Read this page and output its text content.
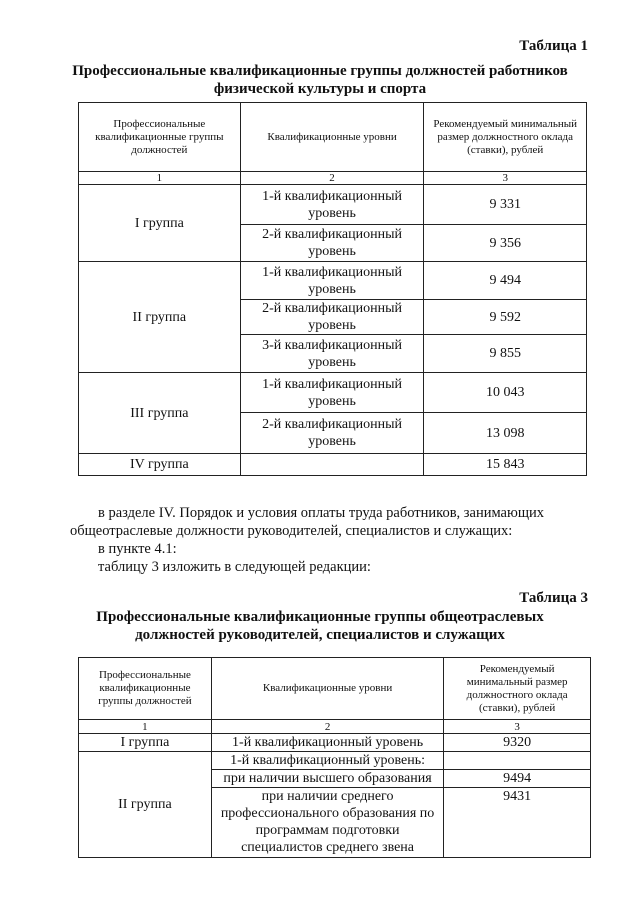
Таблица 1
Профессиональные квалификационные группы должностей работников
физической культуры и спорта
Профессиональные квалификационные группы должностей	Квалификационные уровни	Рекомендуемый минимальный размер должностного оклада (ставки), рублей
1	2	3
I группа	1-й квалификационный уровень	9 331
	2-й квалификационный уровень	9 356
II группа	1-й квалификационный уровень	9 494
	2-й квалификационный уровень	9 592
	3-й квалификационный уровень	9 855
III группа	1-й квалификационный уровень	10 043
	2-й квалификационный уровень	13 098
IV группа		15 843
в разделе IV. Порядок и условия оплаты труда работников, занимающих общеотраслевые должности руководителей, специалистов и служащих:
в пункте 4.1:
таблицу 3 изложить в следующей редакции:
Таблица 3
Профессиональные квалификационные группы общеотраслевых
должностей руководителей, специалистов и служащих
Профессиональные квалификационные группы должностей	Квалификационные уровни	Рекомендуемый минимальный размер должностного оклада (ставки), рублей
1	2	3
I группа	1-й квалификационный уровень	9320
II группа	1-й квалификационный уровень:	
	при наличии высшего образования	9494
	при наличии среднего профессионального образования по программам подготовки специалистов среднего звена	9431
